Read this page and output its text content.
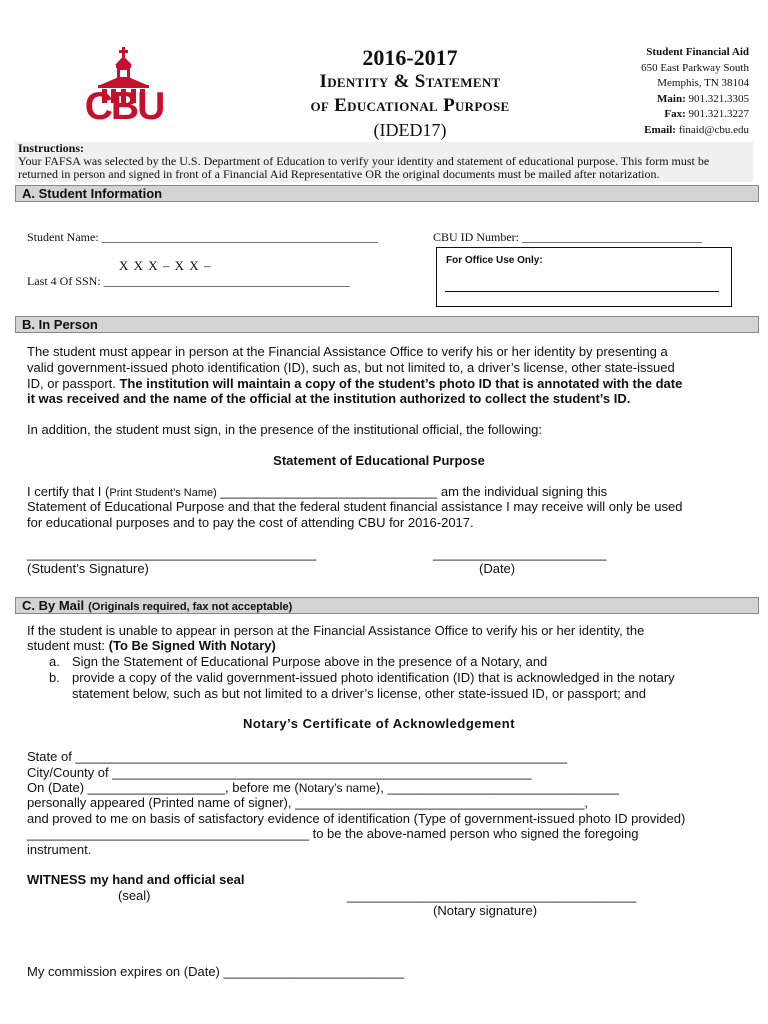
CBU
2016-2017
Identity & Statement
of Educational Purpose
(IDED17)
Student Financial Aid
650 East Parkway South
Memphis, TN 38104
Main: 901.321.3305
Fax: 901.321.3227
Email: finaid@cbu.edu
Instructions:
Your FAFSA was selected by the U.S. Department of Education to verify your identity and statement of educational purpose. This form must be
returned in person and signed in front of a Financial Aid Representative OR the original documents must be mailed after notarization.
A. Student Information
Student Name: ______________________________________________	CBU ID Number: ______________________________
X X X – X X –
Last 4 Of SSN: _________________________________________
For Office Use Only:
B. In Person
The student must appear in person at the Financial Assistance Office to verify his or her identity by presenting a
valid government-issued photo identification (ID), such as, but not limited to, a driver’s license, other state-issued
ID, or passport. The institution will maintain a copy of the student’s photo ID that is annotated with the date
it was received and the name of the official at the institution authorized to collect the student’s ID.
In addition, the student must sign, in the presence of the institutional official, the following:
Statement of Educational Purpose
I certify that I (Print Student’s Name) ______________________________ am the individual signing this
Statement of Educational Purpose and that the federal student financial assistance I may receive will only be used
for educational purposes and to pay the cost of attending CBU for 2016-2017.
________________________________________
(Student’s Signature)
________________________
(Date)
C. By Mail (Originals required, fax not acceptable)
If the student is unable to appear in person at the Financial Assistance Office to verify his or her identity, the
student must: (To Be Signed With Notary)
a. Sign the Statement of Educational Purpose above in the presence of a Notary, and
b. provide a copy of the valid government-issued photo identification (ID) that is acknowledged in the notary
statement below, such as but not limited to a driver’s license, other state-issued ID, or passport; and
Notary’s Certificate of Acknowledgement
State of ____________________________________________________________________
City/County of __________________________________________________________
On (Date) ___________________, before me (Notary’s name), ________________________________
personally appeared (Printed name of signer), ________________________________________,
and proved to me on basis of satisfactory evidence of identification (Type of government-issued photo ID provided)
_______________________________________ to be the above-named person who signed the foregoing
instrument.
WITNESS my hand and official seal
(seal)	________________________________________
(Notary signature)
My commission expires on (Date) _________________________
